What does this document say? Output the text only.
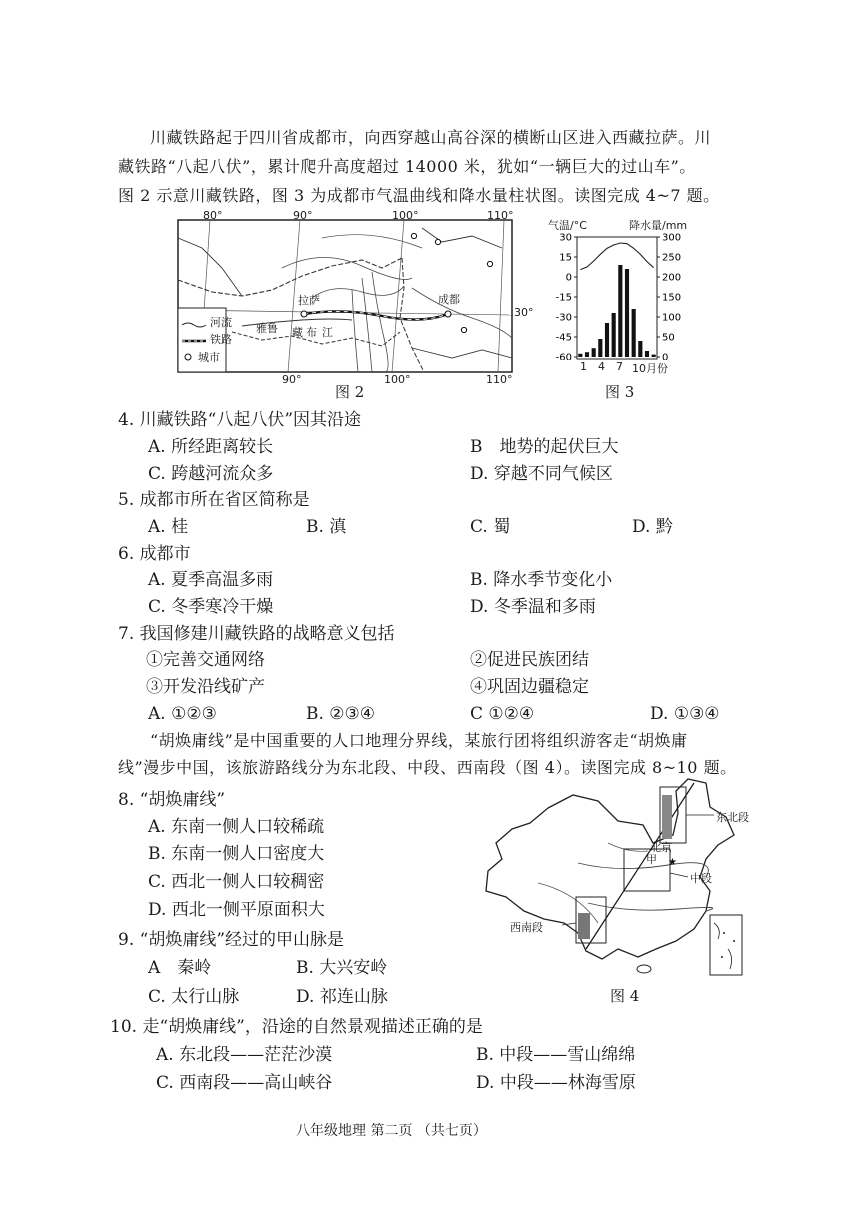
川藏铁路起于四川省成都市，向西穿越山高谷深的横断山区进入西藏拉萨。川
藏铁路“八起八伏”，累计爬升高度超过 14000 米，犹如“一辆巨大的过山车”。
图 2 示意川藏铁路，图 3 为成都市气温曲线和降水量柱状图。读图完成 4~7 题。
80°	90°	100°	110°
90°	100°	110°
30°
河流
铁路
城市
拉萨	成都
雅 鲁 藏 布 江
图 2
气温/°C	降水量/mm
30
15
0
-15
-30
-45
-60
300
250
200
150
100
50
0
1 4 7 10月份
图 3
4. 川藏铁路“八起八伏”因其沿途
A. 所经距离较长	B　地势的起伏巨大
C. 跨越河流众多	D. 穿越不同气候区
5. 成都市所在省区简称是
A. 桂	B. 滇	C. 蜀	D. 黔
6. 成都市
A. 夏季高温多雨	B. 降水季节变化小
C. 冬季寒冷干燥	D. 冬季温和多雨
7. 我国修建川藏铁路的战略意义包括
①完善交通网络	②促进民族团结
③开发沿线矿产	④巩固边疆稳定
A. ①②③	B. ②③④	C ①②④	D. ①③④
“胡焕庸线”是中国重要的人口地理分界线，某旅行团将组织游客走“胡焕庸
线”漫步中国，该旅游路线分为东北段、中段、西南段（图 4）。读图完成 8~10 题。
8. “胡焕庸线”
A. 东南一侧人口较稀疏
B. 东南一侧人口密度大
C. 西北一侧人口较稠密
D. 西北一侧平原面积大
9. “胡焕庸线”经过的甲山脉是
A　秦岭	B. 大兴安岭
C. 太行山脉	D. 祁连山脉
★
东北段
北京
甲
中段
西南段
图 4
10. 走“胡焕庸线”，沿途的自然景观描述正确的是
A. 东北段——茫茫沙漠	B. 中段——雪山绵绵
C. 西南段——高山峡谷	D. 中段——林海雪原
八年级地理 第二页 （共七页）
